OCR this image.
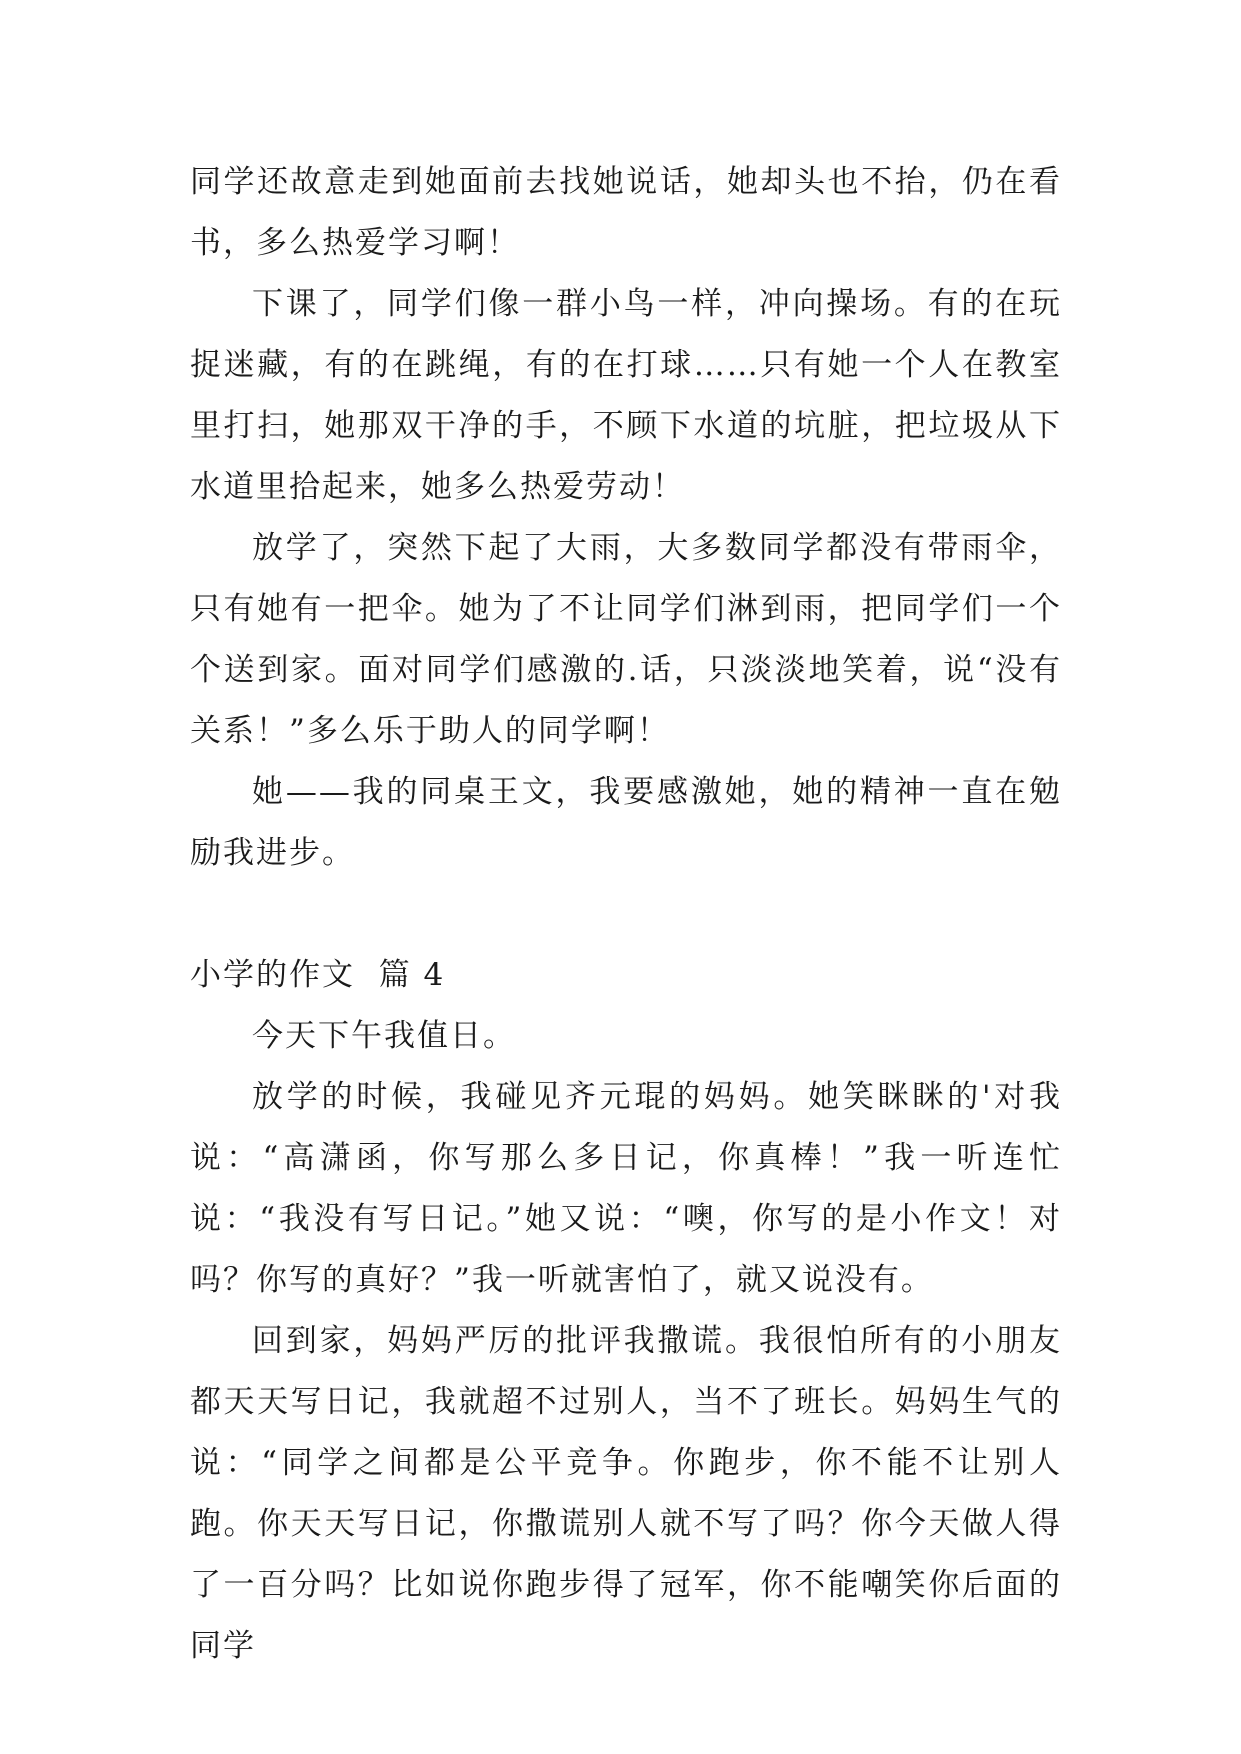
同学还故意走到她面前去找她说话，她却头也不抬，仍在看书，多么热爱学习啊！

下课了，同学们像一群小鸟一样，冲向操场。有的在玩捉迷藏，有的在跳绳，有的在打球……只有她一个人在教室里打扫，她那双干净的手，不顾下水道的坑脏，把垃圾从下水道里拾起来，她多么热爱劳动！

放学了，突然下起了大雨，大多数同学都没有带雨伞，只有她有一把伞。她为了不让同学们淋到雨，把同学们一个个送到家。面对同学们感激的.话，只淡淡地笑着，说“没有关系！”多么乐于助人的同学啊！

她——我的同桌王文，我要感激她，她的精神一直在勉励我进步。

小学的作文  篇 4

今天下午我值日。

放学的时候，我碰见齐元琨的妈妈。她笑眯眯的'对我说：“高潇函，你写那么多日记，你真棒！”我一听连忙说：“我没有写日记。”她又说：“噢，你写的是小作文！对吗？你写的真好？”我一听就害怕了，就又说没有。

回到家，妈妈严厉的批评我撒谎。我很怕所有的小朋友都天天写日记，我就超不过别人，当不了班长。妈妈生气的说：“同学之间都是公平竞争。你跑步，你不能不让别人跑。你天天写日记，你撒谎别人就不写了吗？你今天做人得了一百分吗？比如说你跑步得了冠军，你不能嘲笑你后面的同学
